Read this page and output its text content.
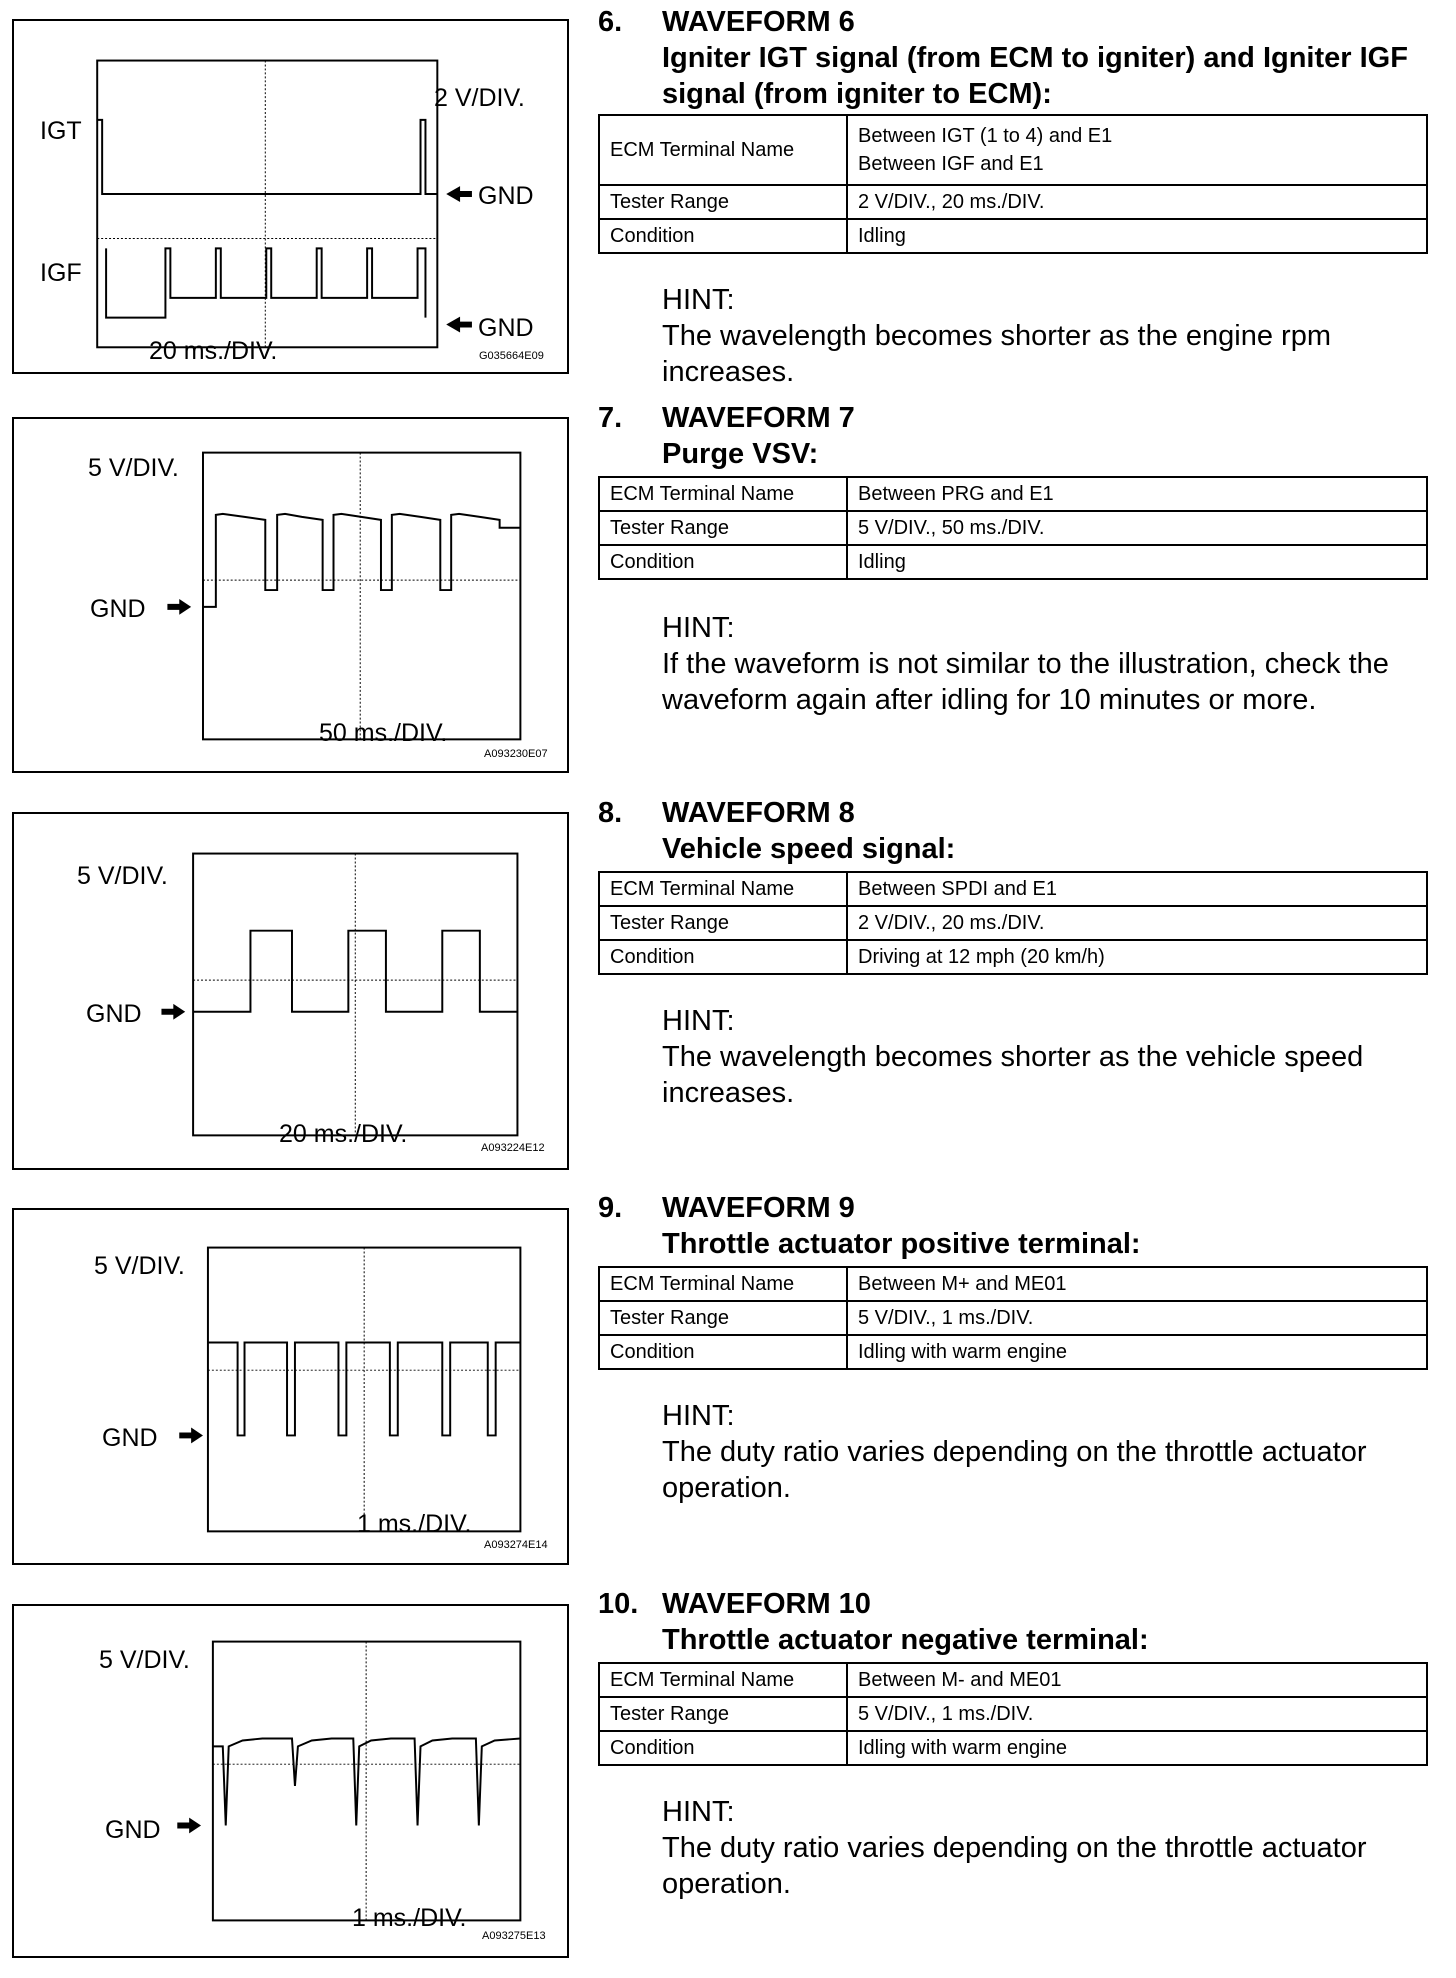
IGT
IGF
2 V/DIV.
GND
GND
20 ms./DIV.	G035664E09
5 V/DIV.
GND
50 ms./DIV.
A093230E07
5 V/DIV.
GND
20 ms./DIV.	A093224E12
5 V/DIV.
GND
1 ms./DIV.
A093274E14
5 V/DIV.
GND
1 ms./DIV.
A093275E13
6. WAVEFORM 6
Igniter IGT signal (from ECM to igniter) and Igniter IGF signal (from igniter to ECM):
ECM Terminal Name	Between IGT (1 to 4) and E1
Between IGF and E1
Tester Range	2 V/DIV., 20 ms./DIV.
Condition	Idling
HINT:
The wavelength becomes shorter as the engine rpm increases.
7. WAVEFORM 7
Purge VSV:
ECM Terminal Name	Between PRG and E1
Tester Range	5 V/DIV., 50 ms./DIV.
Condition	Idling
HINT:
If the waveform is not similar to the illustration, check the waveform again after idling for 10 minutes or more.
8. WAVEFORM 8
Vehicle speed signal:
ECM Terminal Name	Between SPDI and E1
Tester Range	2 V/DIV., 20 ms./DIV.
Condition	Driving at 12 mph (20 km/h)
HINT:
The wavelength becomes shorter as the vehicle speed increases.
9. WAVEFORM 9
Throttle actuator positive terminal:
ECM Terminal Name	Between M+ and ME01
Tester Range	5 V/DIV., 1 ms./DIV.
Condition	Idling with warm engine
HINT:
The duty ratio varies depending on the throttle actuator operation.
10. WAVEFORM 10
Throttle actuator negative terminal:
ECM Terminal Name	Between M- and ME01
Tester Range	5 V/DIV., 1 ms./DIV.
Condition	Idling with warm engine
HINT:
The duty ratio varies depending on the throttle actuator operation.
